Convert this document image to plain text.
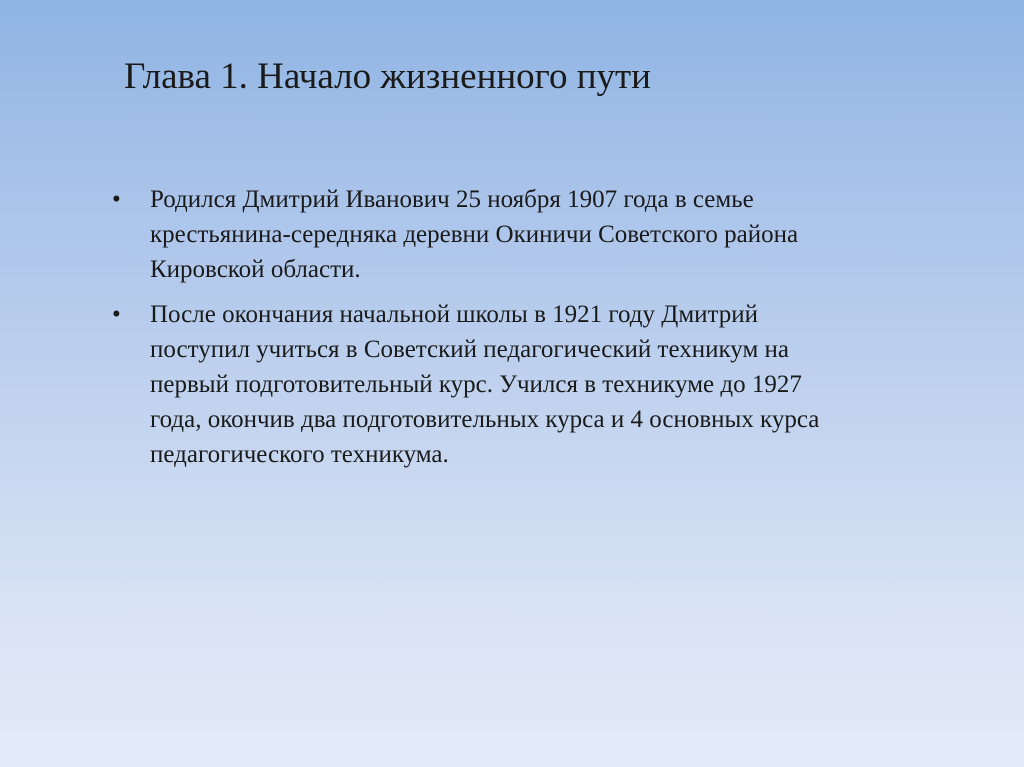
Глава 1. Начало жизненного пути
•	Родился Дмитрий Иванович 25 ноября 1907 года в семье
крестьянина-середняка деревни Окиничи Советского района
Кировской области.
•	После окончания начальной школы в 1921 году Дмитрий
поступил учиться в Советский педагогический техникум на
первый подготовительный курс. Учился в техникуме до 1927
года, окончив два подготовительных курса и 4 основных курса
педагогического техникума.
